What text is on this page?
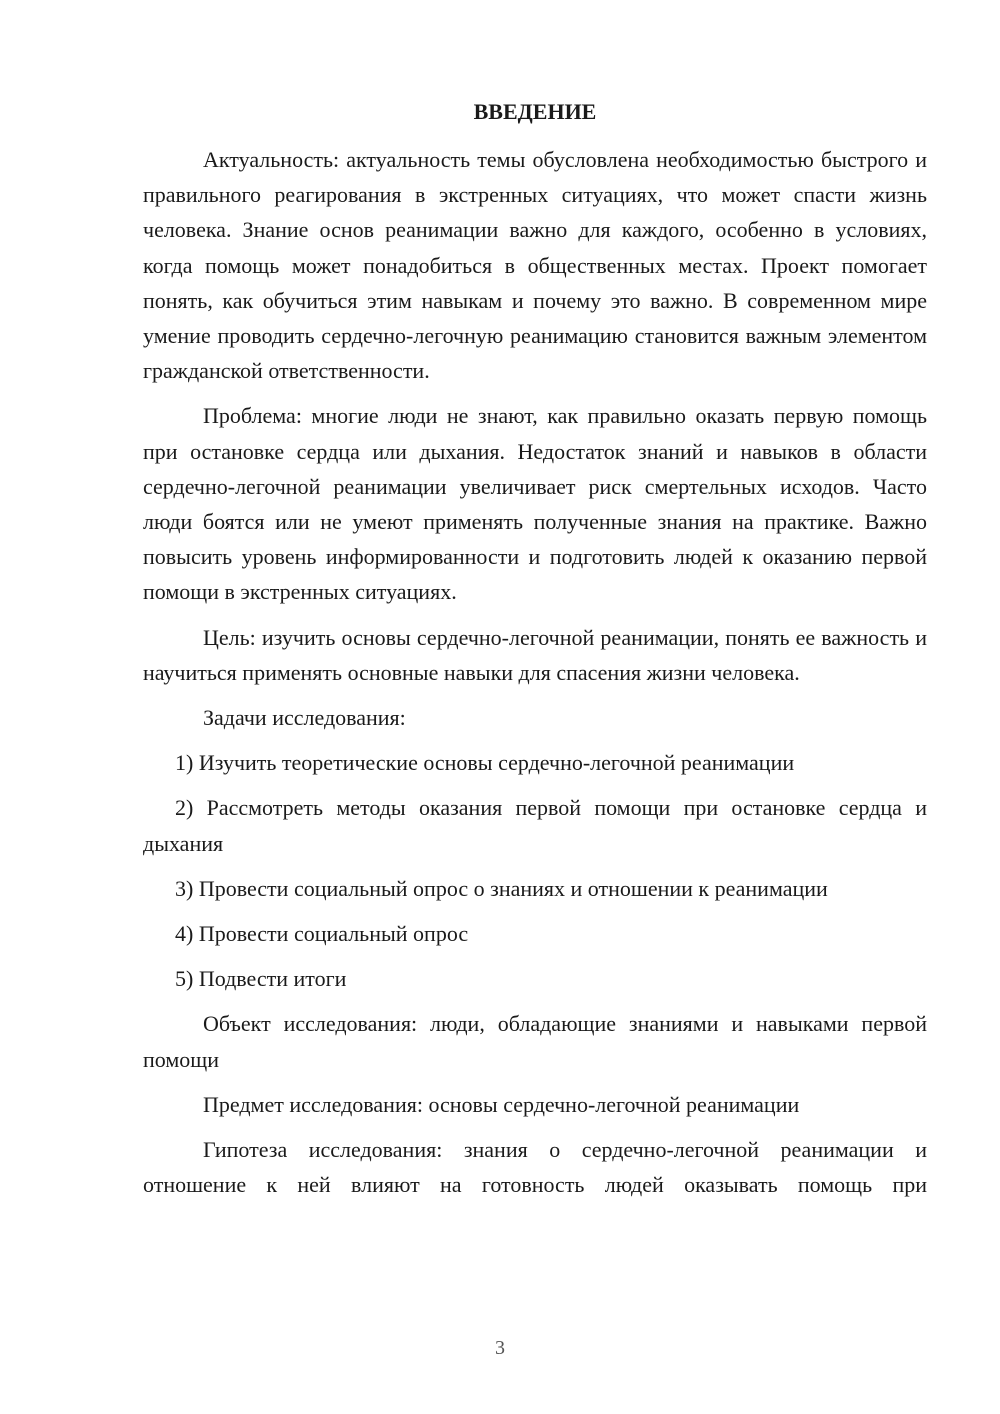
ВВЕДЕНИЕ

Актуальность: актуальность темы обусловлена необходимостью быстрого и правильного реагирования в экстренных ситуациях, что может спасти жизнь человека. Знание основ реанимации важно для каждого, особенно в условиях, когда помощь может понадобиться в общественных местах. Проект помогает понять, как обучиться этим навыкам и почему это важно. В современном мире умение проводить сердечно-легочную реанимацию становится важным элементом гражданской ответственности.

Проблема: многие люди не знают, как правильно оказать первую помощь при остановке сердца или дыхания. Недостаток знаний и навыков в области сердечно-легочной реанимации увеличивает риск смертельных исходов. Часто люди боятся или не умеют применять полученные знания на практике. Важно повысить уровень информированности и подготовить людей к оказанию первой помощи в экстренных ситуациях.

Цель: изучить основы сердечно-легочной реанимации, понять ее важность и научиться применять основные навыки для спасения жизни человека.

Задачи исследования:

1) Изучить теоретические основы сердечно-легочной реанимации

2) Рассмотреть методы оказания первой помощи при остановке сердца и дыхания

3) Провести социальный опрос о знаниях и отношении к реанимации

4) Провести социальный опрос

5) Подвести итоги

Объект исследования: люди, обладающие знаниями и навыками первой помощи

Предмет исследования: основы сердечно-легочной реанимации

Гипотеза исследования: знания о сердечно-легочной реанимации и отношение к ней влияют на готовность людей оказывать помощь при

3
